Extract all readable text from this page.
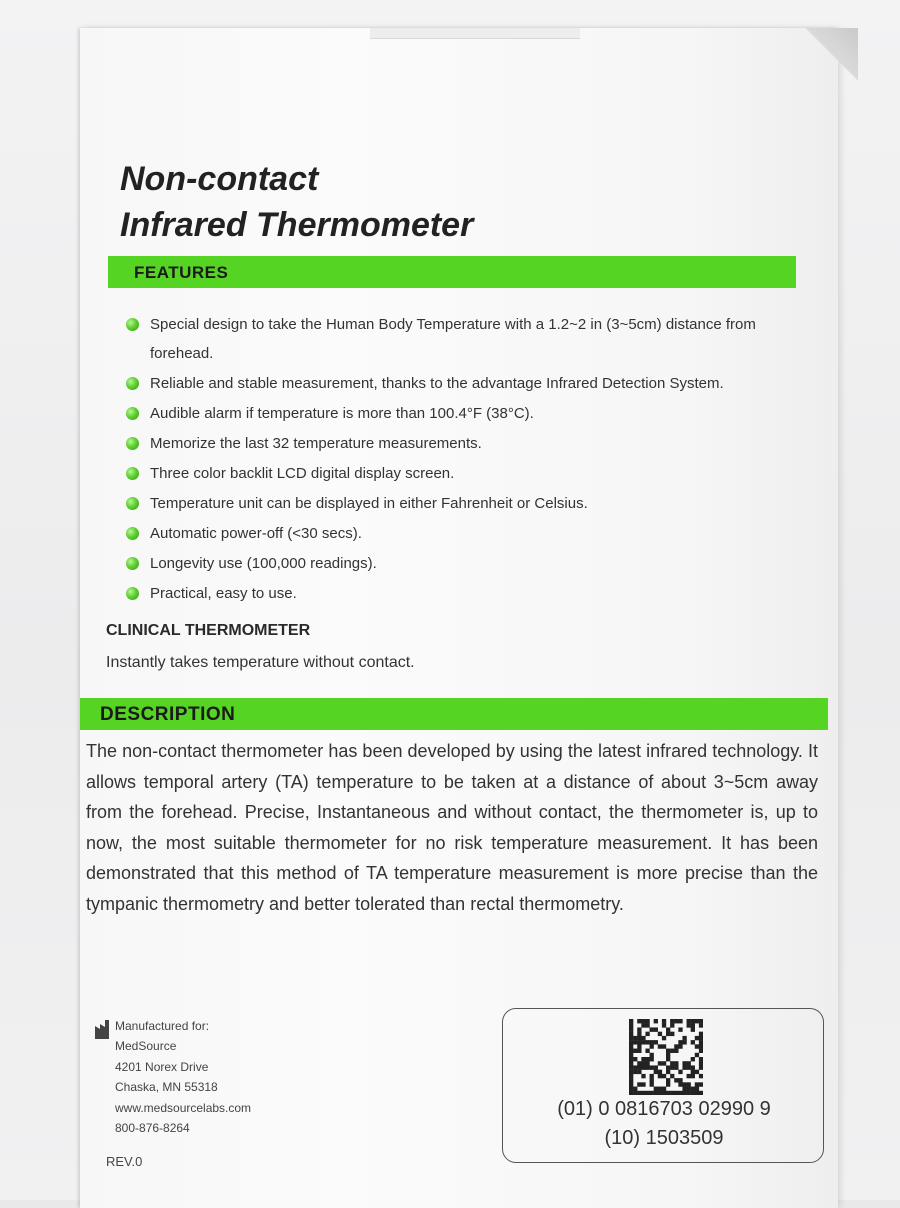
Non-contact
Infrared Thermometer
FEATURES
Special design to take the Human Body Temperature with a 1.2~2 in (3~5cm) distance from forehead.
Reliable and stable measurement, thanks to the advantage Infrared Detection System.
Audible alarm if temperature is more than 100.4°F (38°C).
Memorize the last 32 temperature measurements.
Three color backlit LCD digital display screen.
Temperature unit can be displayed in either Fahrenheit or Celsius.
Automatic power-off (<30 secs).
Longevity use (100,000 readings).
Practical, easy to use.
CLINICAL THERMOMETER
Instantly takes temperature without contact.
DESCRIPTION

The non-contact thermometer has been developed by using the latest infrared technology. It allows temporal artery (TA) temperature to be taken at a distance of about 3~5cm away from the forehead. Precise, Instantaneous and without contact, the thermometer is, up to now, the most suitable thermometer for no risk temperature measurement. It has been demonstrated that this method of TA temperature measurement is more precise than the tympanic thermometry and better tolerated than rectal thermometry.

Manufactured for:
MedSource
4201 Norex Drive
Chaska, MN 55318
www.medsourcelabs.com
800-876-8264
REV.0
(01) 0 0816703 02990 9
(10) 1503509
